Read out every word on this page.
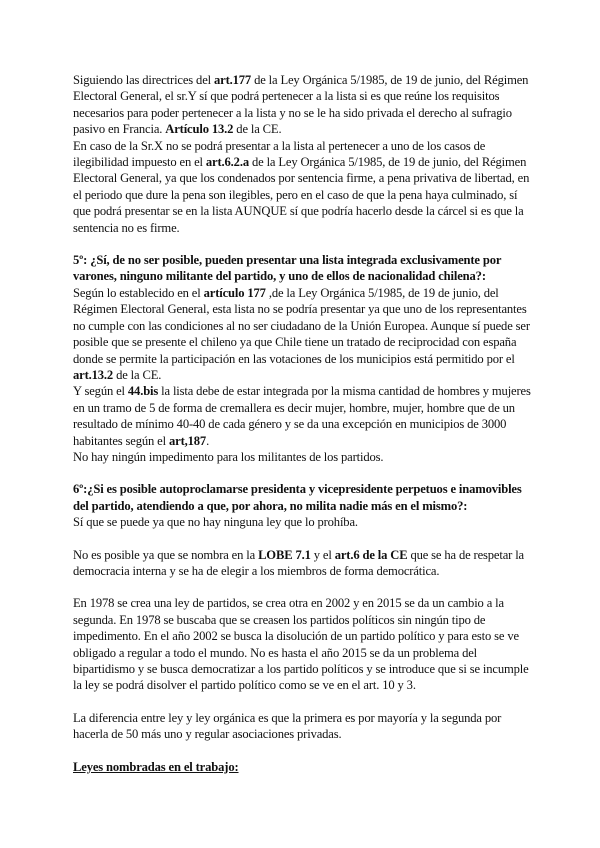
Siguiendo las directrices del art.177 de la Ley Orgánica 5/1985, de 19 de junio, del Régimen Electoral General, el sr.Y sí que podrá pertenecer a la lista si es que reúne los requisitos necesarios para poder pertenecer a la lista y no se le ha sido privada el derecho al sufragio pasivo en Francia. Artículo 13.2 de la CE.

En caso de la Sr.X no se podrá presentar a la lista al pertenecer a uno de los casos de ilegibilidad impuesto en el art.6.2.a de la Ley Orgánica 5/1985, de 19 de junio, del Régimen Electoral General, ya que los condenados por sentencia firme, a pena privativa de libertad, en el periodo que dure la pena son ilegibles, pero en el caso de que la pena haya culminado, sí que podrá presentar se en la lista AUNQUE sí que podría hacerlo desde la cárcel si es que la sentencia no es firme.

5º: ¿Sí, de no ser posible, pueden presentar una lista integrada exclusivamente por varones, ninguno militante del partido, y uno de ellos de nacionalidad chilena?:

Según lo establecido en el artículo 177 ,de la Ley Orgánica 5/1985, de 19 de junio, del Régimen Electoral General, esta lista no se podría presentar ya que uno de los representantes no cumple con las condiciones al no ser ciudadano de la Unión Europea. Aunque sí puede ser posible que se presente el chileno ya que Chile tiene un tratado de reciprocidad con españa donde se permite la participación en las votaciones de los municipios está permitido por el art.13.2 de la CE.

Y según el 44.bis la lista debe de estar integrada por la misma cantidad de hombres y mujeres en un tramo de 5 de forma de cremallera es decir mujer, hombre, mujer, hombre que de un resultado de mínimo 40-40 de cada género y se da una excepción en municipios de 3000 habitantes según el art,187.

No hay ningún impedimento para los militantes de los partidos.

6º:¿Si es posible autoproclamarse presidenta y vicepresidente perpetuos e inamovibles del partido, atendiendo a que, por ahora, no milita nadie más en el mismo?:

Sí que se puede ya que no hay ninguna ley que lo prohíba.

No es posible ya que se nombra en la LOBE 7.1 y el art.6 de la CE que se ha de respetar la democracia interna y se ha de elegir a los miembros de forma democrática.

En 1978 se crea una ley de partidos, se crea otra en 2002 y en 2015 se da un cambio a la segunda. En 1978 se buscaba que se creasen los partidos políticos sin ningún tipo de impedimento. En el año 2002 se busca la disolución de un partido político y para esto se ve obligado a regular a todo el mundo. No es hasta el año 2015 se da un problema del bipartidismo y se busca democratizar a los partido políticos y se introduce que si se incumple la ley se podrá disolver el partido político como se ve en el art. 10 y 3.

La diferencia entre ley y ley orgánica es que la primera es por mayoría y la segunda por hacerla de 50 más uno y regular asociaciones privadas.

Leyes nombradas en el trabajo:
